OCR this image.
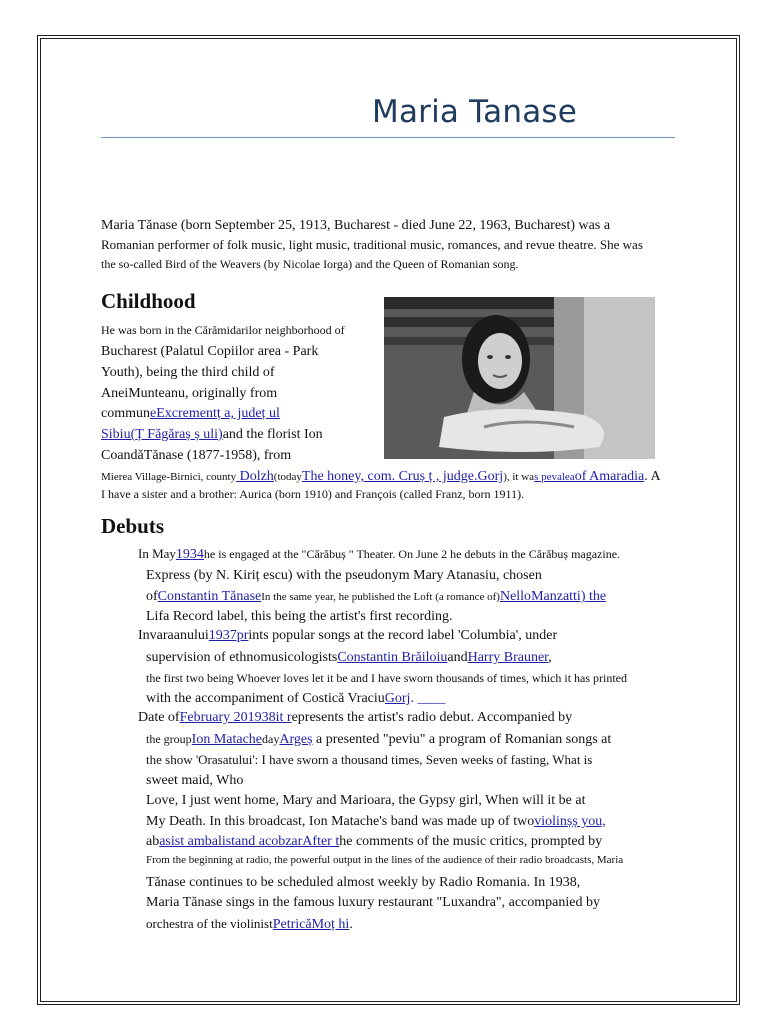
Maria Tanase
Maria Tănase (born September 25, 1913, Bucharest - died June 22, 1963, Bucharest) was a
Romanian performer of folk music, light music, traditional music, romances, and revue theatre. She was
the so-called Bird of the Weavers (by Nicolae Iorga) and the Queen of Romanian song.
Childhood
He was born in the Cărămidarilor neighborhood of
Bucharest (Palatul Copiilor area - Park
Youth), being the third child of
AneiMunteanu, originally from
communeExcrementț a, județ ul
Sibiu(Ț Făgăraș ș uli)and the florist Ion
CoandăTănase (1877-1958), from
Mierea Village-Birnici, county Dolzh(todayThe honey, com. Cruș ț , judge.Gorj), it was pevaleaof Amaradia. A
I have a sister and a brother: Aurica (born 1910) and François (called Franz, born 1911).
Debuts
In May1934he is engaged at the "Cărăbuș " Theater. On June 2 he debuts in the Cărăbuș magazine.
Express (by N. Kiriț escu) with the pseudonym Mary Atanasiu, chosen
ofConstantin TănaseIn the same year, he published the Loft (a romance of)NelloManzatti) the
Lifa Record label, this being the artist's first recording.
Invaraanului1937prints popular songs at the record label 'Columbia', under
supervision of ethnomusicologistsConstantin BrăiloiuandHarry Brauner,
the first two being Whoever loves let it be and I have sworn thousands of times, which it has printed
with the accompaniment of Costică VraciuGorj. ____
Date ofFebruary 201938it represents the artist's radio debut. Accompanied by
the groupIon MatachedayArgeș a presented "peviu" a program of Romanian songs at
the show 'Orasatului': I have sworn a thousand times, Seven weeks of fasting, What is
sweet maid, Who
Love, I just went home, Mary and Marioara, the Gypsy girl, When will it be at
My Death. In this broadcast, Ion Matache's band was made up of twoviolinșș you,
abasist ambalistand acobzarAfter the comments of the music critics, prompted by
From the beginning at radio, the powerful output in the lines of the audience of their radio broadcasts, Maria
Tănase continues to be scheduled almost weekly by Radio Romania. In 1938,
Maria Tănase sings in the famous luxury restaurant "Luxandra", accompanied by
orchestra of the violinistPetricăMoț hi.
